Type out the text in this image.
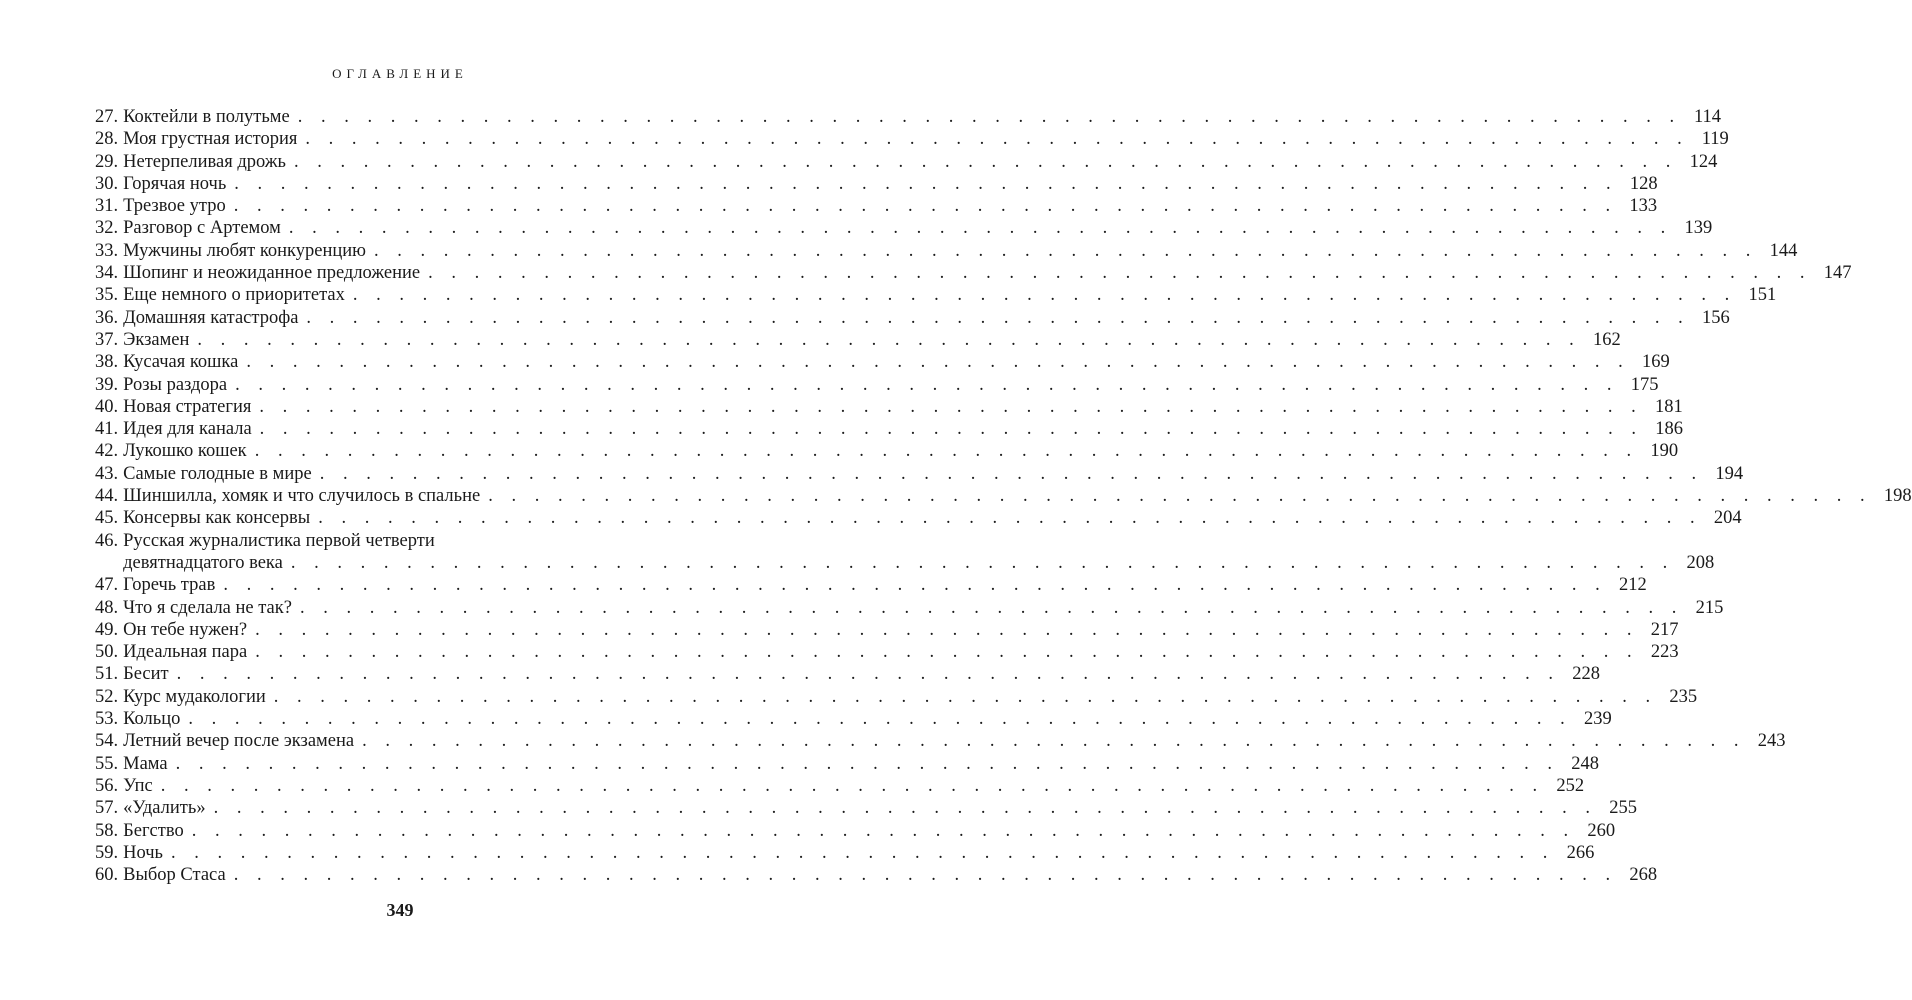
ОГЛАВЛЕНИЕ
27. Коктейли в полутьме . . . . . . . . . . . . . . . . . . . . . . . . . . . . . . . . . . . . . . . . . . . . . . . . . . . . . . . . . . . . 114
28. Моя грустная история . . . . . . . . . . . . . . . . . . . . . . . . . . . . . . . . . . . . . . . . . . . . . . . . . . . . . . . . . . . . 119
29. Нетерпеливая дрожь . . . . . . . . . . . . . . . . . . . . . . . . . . . . . . . . . . . . . . . . . . . . . . . . . . . . . . . . . . . . 124
30. Горячая ночь . . . . . . . . . . . . . . . . . . . . . . . . . . . . . . . . . . . . . . . . . . . . . . . . . . . . . . . . . . . . 128
31. Трезвое утро . . . . . . . . . . . . . . . . . . . . . . . . . . . . . . . . . . . . . . . . . . . . . . . . . . . . . . . . . . . . 133
32. Разговор с Артемом . . . . . . . . . . . . . . . . . . . . . . . . . . . . . . . . . . . . . . . . . . . . . . . . . . . . . . . . . . . . 139
33. Мужчины любят конкуренцию . . . . . . . . . . . . . . . . . . . . . . . . . . . . . . . . . . . . . . . . . . . . . . . . . . . . . . . . . . . . 144
34. Шопинг и неожиданное предложение . . . . . . . . . . . . . . . . . . . . . . . . . . . . . . . . . . . . . . . . . . . . . . . . . . . . . . . . . . . . 147
35. Еще немного о приоритетах . . . . . . . . . . . . . . . . . . . . . . . . . . . . . . . . . . . . . . . . . . . . . . . . . . . . . . . . . . . . 151
36. Домашняя катастрофа . . . . . . . . . . . . . . . . . . . . . . . . . . . . . . . . . . . . . . . . . . . . . . . . . . . . . . . . . . . . 156
37. Экзамен . . . . . . . . . . . . . . . . . . . . . . . . . . . . . . . . . . . . . . . . . . . . . . . . . . . . . . . . . . . . 162
38. Кусачая кошка . . . . . . . . . . . . . . . . . . . . . . . . . . . . . . . . . . . . . . . . . . . . . . . . . . . . . . . . . . . . 169
39. Розы раздора . . . . . . . . . . . . . . . . . . . . . . . . . . . . . . . . . . . . . . . . . . . . . . . . . . . . . . . . . . . . 175
40. Новая стратегия . . . . . . . . . . . . . . . . . . . . . . . . . . . . . . . . . . . . . . . . . . . . . . . . . . . . . . . . . . . . 181
41. Идея для канала . . . . . . . . . . . . . . . . . . . . . . . . . . . . . . . . . . . . . . . . . . . . . . . . . . . . . . . . . . . . 186
42. Лукошко кошек . . . . . . . . . . . . . . . . . . . . . . . . . . . . . . . . . . . . . . . . . . . . . . . . . . . . . . . . . . . . 190
43. Самые голодные в мире . . . . . . . . . . . . . . . . . . . . . . . . . . . . . . . . . . . . . . . . . . . . . . . . . . . . . . . . . . . . 194
44. Шиншилла, хомяк и что случилось в спальне . . . . . . . . . . . . . . . . . . . . . . . . . . . . . . . . . . . . . . . . . . . . . . . . . . . . . . . . . . . . 198
45. Консервы как консервы . . . . . . . . . . . . . . . . . . . . . . . . . . . . . . . . . . . . . . . . . . . . . . . . . . . . . . . . . . . . 204
46. Русская журналистика первой четверти
девятнадцатого века . . . . . . . . . . . . . . . . . . . . . . . . . . . . . . . . . . . . . . . . . . . . . . . . . . . . . . . . . . . . 208
47. Горечь трав . . . . . . . . . . . . . . . . . . . . . . . . . . . . . . . . . . . . . . . . . . . . . . . . . . . . . . . . . . . . 212
48. Что я сделала не так? . . . . . . . . . . . . . . . . . . . . . . . . . . . . . . . . . . . . . . . . . . . . . . . . . . . . . . . . . . . . 215
49. Он тебе нужен? . . . . . . . . . . . . . . . . . . . . . . . . . . . . . . . . . . . . . . . . . . . . . . . . . . . . . . . . . . . . 217
50. Идеальная пара . . . . . . . . . . . . . . . . . . . . . . . . . . . . . . . . . . . . . . . . . . . . . . . . . . . . . . . . . . . . 223
51. Бесит . . . . . . . . . . . . . . . . . . . . . . . . . . . . . . . . . . . . . . . . . . . . . . . . . . . . . . . . . . . . 228
52. Курс мудакологии . . . . . . . . . . . . . . . . . . . . . . . . . . . . . . . . . . . . . . . . . . . . . . . . . . . . . . . . . . . . 235
53. Кольцо . . . . . . . . . . . . . . . . . . . . . . . . . . . . . . . . . . . . . . . . . . . . . . . . . . . . . . . . . . . . 239
54. Летний вечер после экзамена . . . . . . . . . . . . . . . . . . . . . . . . . . . . . . . . . . . . . . . . . . . . . . . . . . . . . . . . . . . . 243
55. Мама . . . . . . . . . . . . . . . . . . . . . . . . . . . . . . . . . . . . . . . . . . . . . . . . . . . . . . . . . . . . 248
56. Упс . . . . . . . . . . . . . . . . . . . . . . . . . . . . . . . . . . . . . . . . . . . . . . . . . . . . . . . . . . . . 252
57. «Удалить» . . . . . . . . . . . . . . . . . . . . . . . . . . . . . . . . . . . . . . . . . . . . . . . . . . . . . . . . . . . . 255
58. Бегство . . . . . . . . . . . . . . . . . . . . . . . . . . . . . . . . . . . . . . . . . . . . . . . . . . . . . . . . . . . . 260
59. Ночь . . . . . . . . . . . . . . . . . . . . . . . . . . . . . . . . . . . . . . . . . . . . . . . . . . . . . . . . . . . . 266
60. Выбор Стаса . . . . . . . . . . . . . . . . . . . . . . . . . . . . . . . . . . . . . . . . . . . . . . . . . . . . . . . . . . . . 268
349
